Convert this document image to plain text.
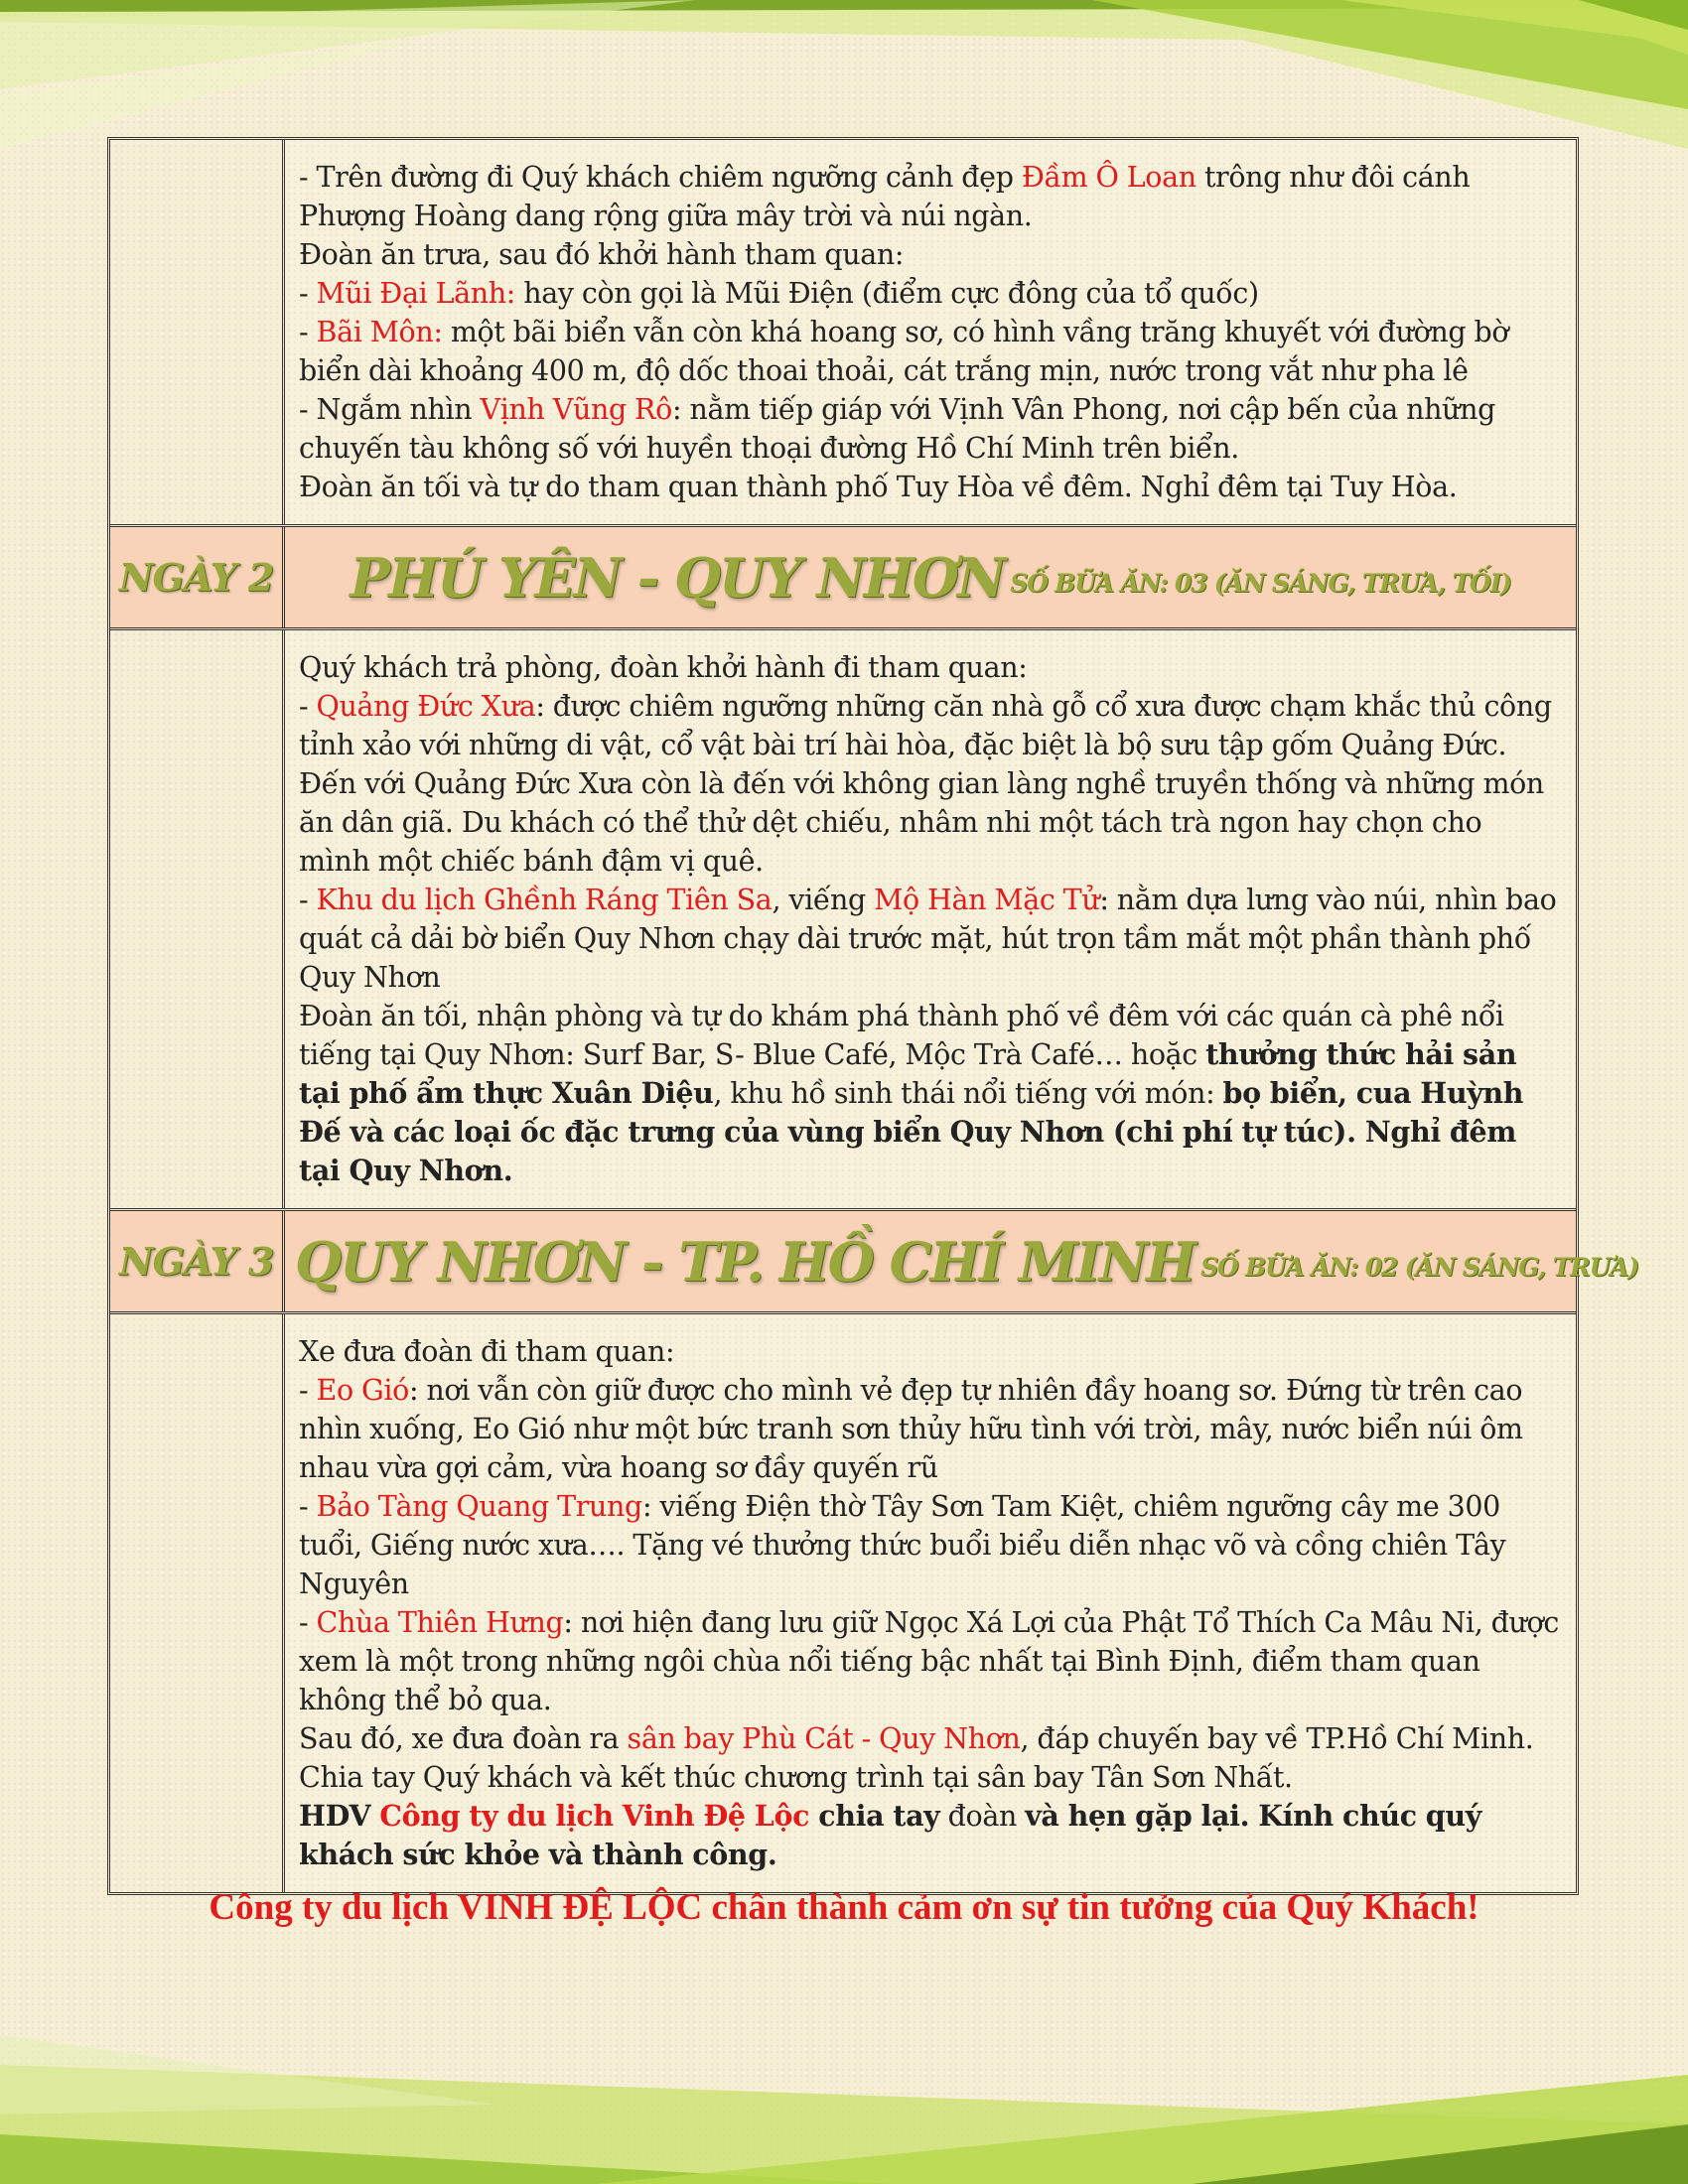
- Trên đường đi Quý khách chiêm ngưỡng cảnh đẹp Đầm Ô Loan trông như đôi cánh Phượng Hoàng dang rộng giữa mây trời và núi ngàn.

Đoàn ăn trưa, sau đó khởi hành tham quan:

- Mũi Đại Lãnh: hay còn gọi là Mũi Điện (điểm cực đông của tổ quốc)

- Bãi Môn: một bãi biển vẫn còn khá hoang sơ, có hình vầng trăng khuyết với đường bờ biển dài khoảng 400 m, độ dốc thoai thoải, cát trắng mịn, nước trong vắt như pha lê

- Ngắm nhìn Vịnh Vũng Rô: nằm tiếp giáp với Vịnh Vân Phong, nơi cập bến của những chuyến tàu không số với huyền thoại đường Hồ Chí Minh trên biển.

Đoàn ăn tối và tự do tham quan thành phố Tuy Hòa về đêm. Nghỉ đêm tại Tuy Hòa.

NGÀY 2 PHÚ YÊN - QUY NHƠN SỐ BỮA ĂN: 03 (ĂN SÁNG, TRƯA, TỐI)

Quý khách trả phòng, đoàn khởi hành đi tham quan:

- Quảng Đức Xưa: được chiêm ngưỡng những căn nhà gỗ cổ xưa được chạm khắc thủ công tỉnh xảo với những di vật, cổ vật bài trí hài hòa, đặc biệt là bộ sưu tập gốm Quảng Đức. Đến với Quảng Đức Xưa còn là đến với không gian làng nghề truyền thống và những món ăn dân giã. Du khách có thể thử dệt chiếu, nhâm nhi một tách trà ngon hay chọn cho mình một chiếc bánh đậm vị quê.

- Khu du lịch Ghềnh Ráng Tiên Sa, viếng Mộ Hàn Mặc Tử: nằm dựa lưng vào núi, nhìn bao quát cả dải bờ biển Quy Nhơn chạy dài trước mặt, hút trọn tầm mắt một phần thành phố Quy Nhơn

Đoàn ăn tối, nhận phòng và tự do khám phá thành phố về đêm với các quán cà phê nổi tiếng tại Quy Nhơn: Surf Bar, S- Blue Café, Mộc Trà Café… hoặc thưởng thức hải sản tại phố ẩm thực Xuân Diệu, khu hồ sinh thái nổi tiếng với món: bọ biển, cua Huỳnh Đế và các loại ốc đặc trưng của vùng biển Quy Nhơn (chi phí tự túc). Nghỉ đêm tại Quy Nhơn.

NGÀY 3 QUY NHƠN - TP. HỒ CHÍ MINH SỐ BỮA ĂN: 02 (ĂN SÁNG, TRƯA)

Xe đưa đoàn đi tham quan:

- Eo Gió: nơi vẫn còn giữ được cho mình vẻ đẹp tự nhiên đầy hoang sơ. Đứng từ trên cao nhìn xuống, Eo Gió như một bức tranh sơn thủy hữu tình với trời, mây, nước biển núi ôm nhau vừa gợi cảm, vừa hoang sơ đầy quyến rũ

- Bảo Tàng Quang Trung: viếng Điện thờ Tây Sơn Tam Kiệt, chiêm ngưỡng cây me 300 tuổi, Giếng nước xưa…. Tặng vé thưởng thức buổi biểu diễn nhạc võ và cồng chiên Tây Nguyên

- Chùa Thiên Hưng: nơi hiện đang lưu giữ Ngọc Xá Lợi của Phật Tổ Thích Ca Mâu Ni, được xem là một trong những ngôi chùa nổi tiếng bậc nhất tại Bình Định, điểm tham quan không thể bỏ qua.

Sau đó, xe đưa đoàn ra sân bay Phù Cát - Quy Nhơn, đáp chuyến bay về TP.Hồ Chí Minh.

Chia tay Quý khách và kết thúc chương trình tại sân bay Tân Sơn Nhất.

HDV Công ty du lịch Vinh Đệ Lộc chia tay đoàn và hẹn gặp lại. Kính chúc quý khách sức khỏe và thành công.

Công ty du lịch VINH ĐỆ LỘC chân thành cảm ơn sự tin tưởng của Quý Khách!
